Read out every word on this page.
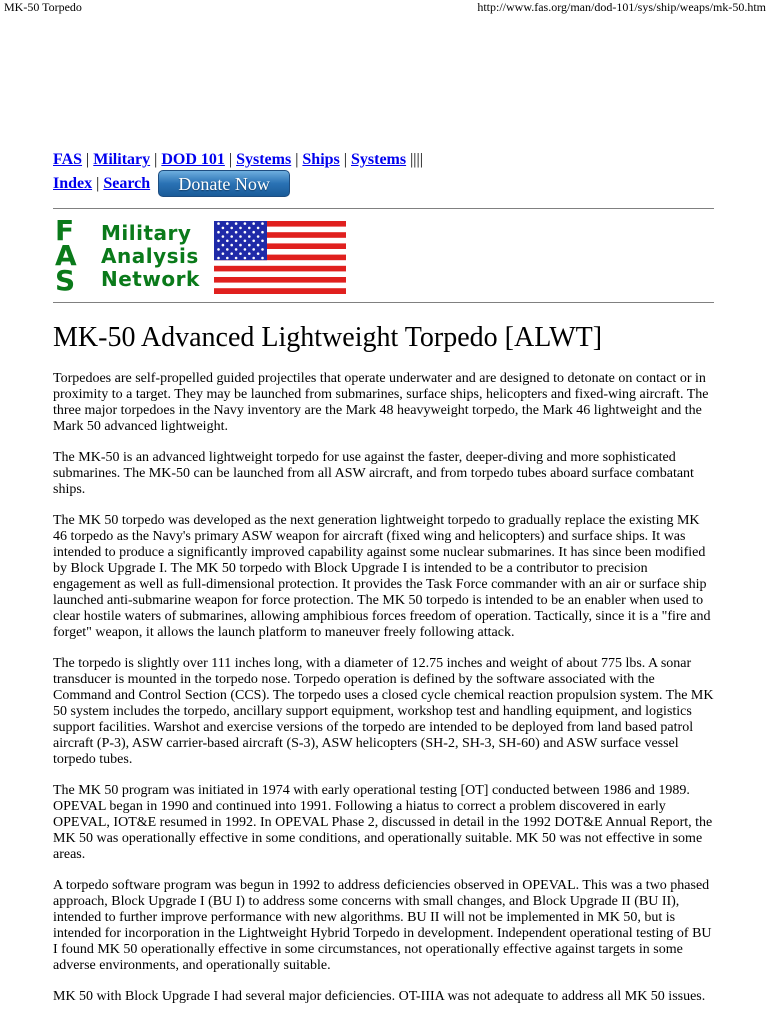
MK-50 Torpedo	http://www.fas.org/man/dod-101/sys/ship/weaps/mk-50.htm
FAS | Military | DOD 101 | Systems | Ships | Systems ||||
Index | Search	Donate Now
F
A
S
Military
Analysis
Network
MK-50 Advanced Lightweight Torpedo [ALWT]

Torpedoes are self-propelled guided projectiles that operate underwater and are designed to detonate on contact or in proximity to a target. They may be launched from submarines, surface ships, helicopters and fixed-wing aircraft. The three major torpedoes in the Navy inventory are the Mark 48 heavyweight torpedo, the Mark 46 lightweight and the Mark 50 advanced lightweight.

The MK-50 is an advanced lightweight torpedo for use against the faster, deeper-diving and more sophisticated submarines. The MK-50 can be launched from all ASW aircraft, and from torpedo tubes aboard surface combatant ships.

The MK 50 torpedo was developed as the next generation lightweight torpedo to gradually replace the existing MK 46 torpedo as the Navy's primary ASW weapon for aircraft (fixed wing and helicopters) and surface ships. It was intended to produce a significantly improved capability against some nuclear submarines. It has since been modified by Block Upgrade I. The MK 50 torpedo with Block Upgrade I is intended to be a contributor to precision engagement as well as full-dimensional protection. It provides the Task Force commander with an air or surface ship launched anti-submarine weapon for force protection. The MK 50 torpedo is intended to be an enabler when used to clear hostile waters of submarines, allowing amphibious forces freedom of operation. Tactically, since it is a "fire and forget" weapon, it allows the launch platform to maneuver freely following attack.

The torpedo is slightly over 111 inches long, with a diameter of 12.75 inches and weight of about 775 lbs. A sonar transducer is mounted in the torpedo nose. Torpedo operation is defined by the software associated with the Command and Control Section (CCS). The torpedo uses a closed cycle chemical reaction propulsion system. The MK 50 system includes the torpedo, ancillary support equipment, workshop test and handling equipment, and logistics support facilities. Warshot and exercise versions of the torpedo are intended to be deployed from land based patrol aircraft (P-3), ASW carrier-based aircraft (S-3), ASW helicopters (SH-2, SH-3, SH-60) and ASW surface vessel torpedo tubes.

The MK 50 program was initiated in 1974 with early operational testing [OT] conducted between 1986 and 1989. OPEVAL began in 1990 and continued into 1991. Following a hiatus to correct a problem discovered in early OPEVAL, IOT&E resumed in 1992. In OPEVAL Phase 2, discussed in detail in the 1992 DOT&E Annual Report, the MK 50 was operationally effective in some conditions, and operationally suitable. MK 50 was not effective in some areas.

A torpedo software program was begun in 1992 to address deficiencies observed in OPEVAL. This was a two phased approach, Block Upgrade I (BU I) to address some concerns with small changes, and Block Upgrade II (BU II), intended to further improve performance with new algorithms. BU II will not be implemented in MK 50, but is intended for incorporation in the Lightweight Hybrid Torpedo in development. Independent operational testing of BU I found MK 50 operationally effective in some circumstances, not operationally effective against targets in some adverse environments, and operationally suitable.

MK 50 with Block Upgrade I had several major deficiencies. OT-IIIA was not adequate to address all MK 50 issues.
